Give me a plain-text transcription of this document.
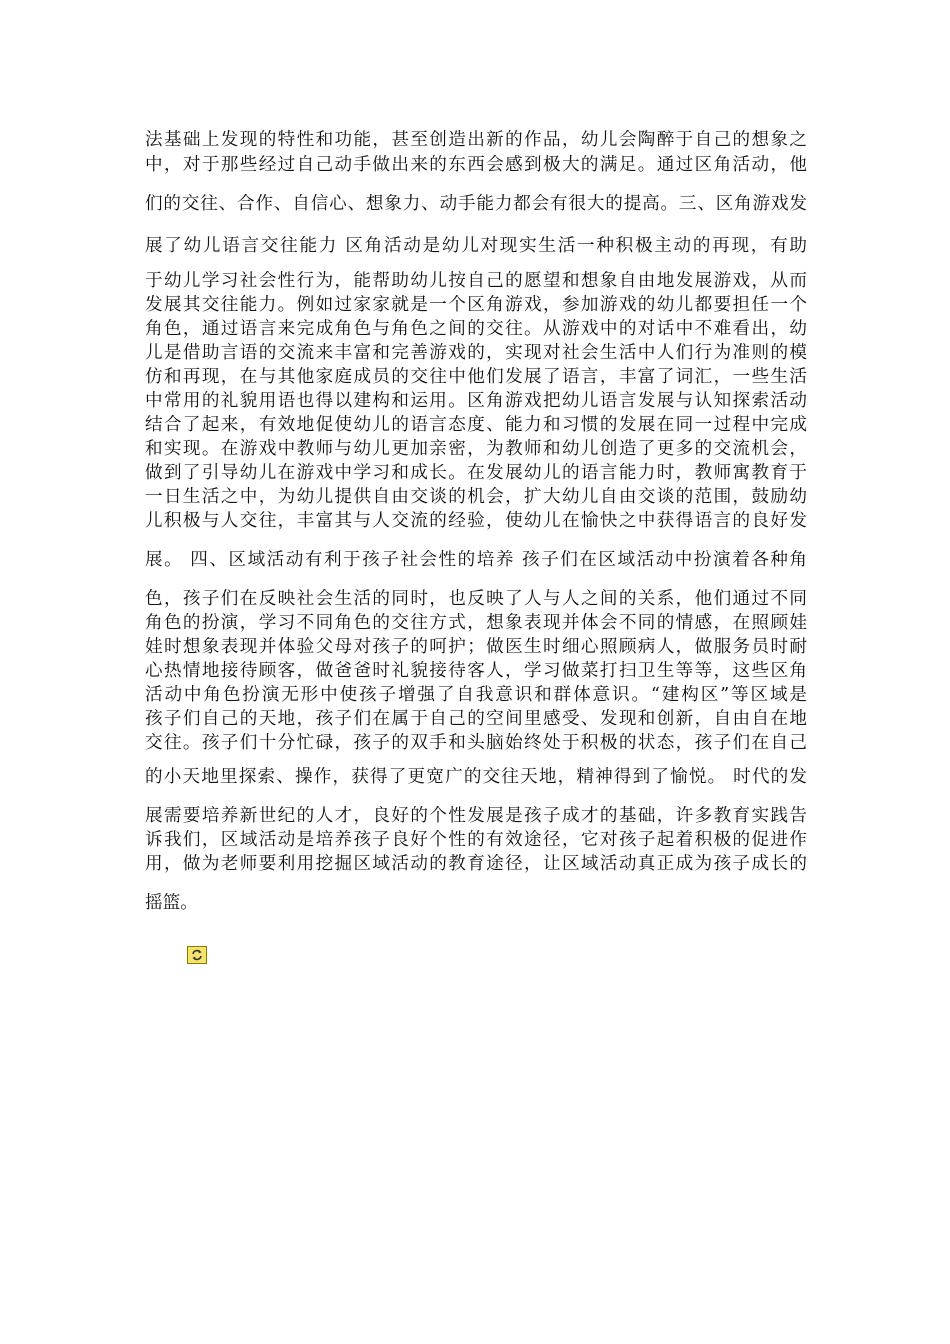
法基础上发现的特性和功能，甚至创造出新的作品，幼儿会陶醉于自己的想象之
中，对于那些经过自己动手做出来的东西会感到极大的满足。通过区角活动，他
们的交往、合作、自信心、想象力、动手能力都会有很大的提高。三、区角游戏发
展了幼儿语言交往能力 区角活动是幼儿对现实生活一种积极主动的再现，有助
于幼儿学习社会性行为，能帮助幼儿按自己的愿望和想象自由地发展游戏，从而
发展其交往能力。例如过家家就是一个区角游戏，参加游戏的幼儿都要担任一个
角色，通过语言来完成角色与角色之间的交往。从游戏中的对话中不难看出，幼
儿是借助言语的交流来丰富和完善游戏的，实现对社会生活中人们行为准则的模
仿和再现，在与其他家庭成员的交往中他们发展了语言，丰富了词汇，一些生活
中常用的礼貌用语也得以建构和运用。区角游戏把幼儿语言发展与认知探索活动
结合了起来，有效地促使幼儿的语言态度、能力和习惯的发展在同一过程中完成
和实现。在游戏中教师与幼儿更加亲密，为教师和幼儿创造了更多的交流机会，
做到了引导幼儿在游戏中学习和成长。在发展幼儿的语言能力时，教师寓教育于
一日生活之中，为幼儿提供自由交谈的机会，扩大幼儿自由交谈的范围，鼓励幼
儿积极与人交往，丰富其与人交流的经验，使幼儿在愉快之中获得语言的良好发
展。 四、区域活动有利于孩子社会性的培养 孩子们在区域活动中扮演着各种角
色，孩子们在反映社会生活的同时，也反映了人与人之间的关系，他们通过不同
角色的扮演，学习不同角色的交往方式，想象表现并体会不同的情感，在照顾娃
娃时想象表现并体验父母对孩子的呵护；做医生时细心照顾病人，做服务员时耐
心热情地接待顾客，做爸爸时礼貌接待客人，学习做菜打扫卫生等等，这些区角
活动中角色扮演无形中使孩子增强了自我意识和群体意识。“建构区”等区域是
孩子们自己的天地，孩子们在属于自己的空间里感受、发现和创新，自由自在地
交往。孩子们十分忙碌，孩子的双手和头脑始终处于积极的状态，孩子们在自己
的小天地里探索、操作，获得了更宽广的交往天地，精神得到了愉悦。 时代的发
展需要培养新世纪的人才，良好的个性发展是孩子成才的基础，许多教育实践告
诉我们，区域活动是培养孩子良好个性的有效途径，它对孩子起着积极的促进作
用，做为老师要利用挖掘区域活动的教育途径，让区域活动真正成为孩子成长的
摇篮。
